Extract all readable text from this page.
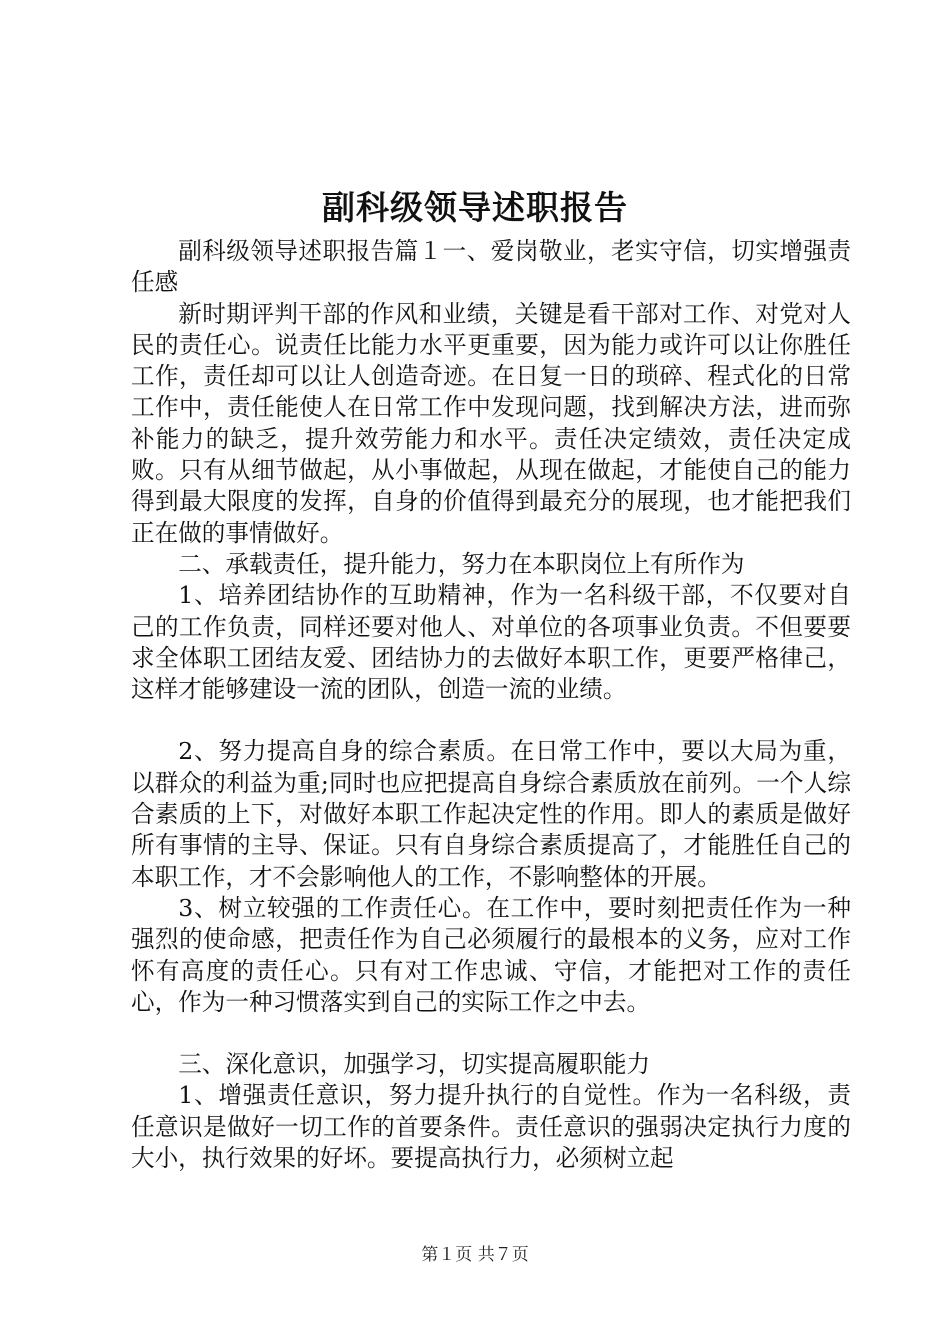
副科级领导述职报告

副科级领导述职报告篇１一、爱岗敬业，老实守信，切实增强责任感

新时期评判干部的作风和业绩，关键是看干部对工作、对党对人民的责任心。说责任比能力水平更重要，因为能力或许可以让你胜任工作，责任却可以让人创造奇迹。在日复一日的琐碎、程式化的日常工作中，责任能使人在日常工作中发现问题，找到解决方法，进而弥补能力的缺乏，提升效劳能力和水平。责任决定绩效，责任决定成败。只有从细节做起，从小事做起，从现在做起，才能使自己的能力得到最大限度的发挥，自身的价值得到最充分的展现，也才能把我们正在做的事情做好。

二、承载责任，提升能力，努力在本职岗位上有所作为

1、培养团结协作的互助精神，作为一名科级干部，不仅要对自己的工作负责，同样还要对他人、对单位的各项事业负责。不但要要求全体职工团结友爱、团结协力的去做好本职工作，更要严格律己，这样才能够建设一流的团队，创造一流的业绩。

2、努力提高自身的综合素质。在日常工作中，要以大局为重，以群众的利益为重;同时也应把提高自身综合素质放在前列。一个人综合素质的上下，对做好本职工作起决定性的作用。即人的素质是做好所有事情的主导、保证。只有自身综合素质提高了，才能胜任自己的本职工作，才不会影响他人的工作，不影响整体的开展。

3、树立较强的工作责任心。在工作中，要时刻把责任作为一种强烈的使命感，把责任作为自己必须履行的最根本的义务，应对工作怀有高度的责任心。只有对工作忠诚、守信，才能把对工作的责任心，作为一种习惯落实到自己的实际工作之中去。

三、深化意识，加强学习，切实提高履职能力

1、增强责任意识，努力提升执行的自觉性。作为一名科级，责任意识是做好一切工作的首要条件。责任意识的强弱决定执行力度的大小，执行效果的好坏。要提高执行力，必须树立起

第１页 共７页
